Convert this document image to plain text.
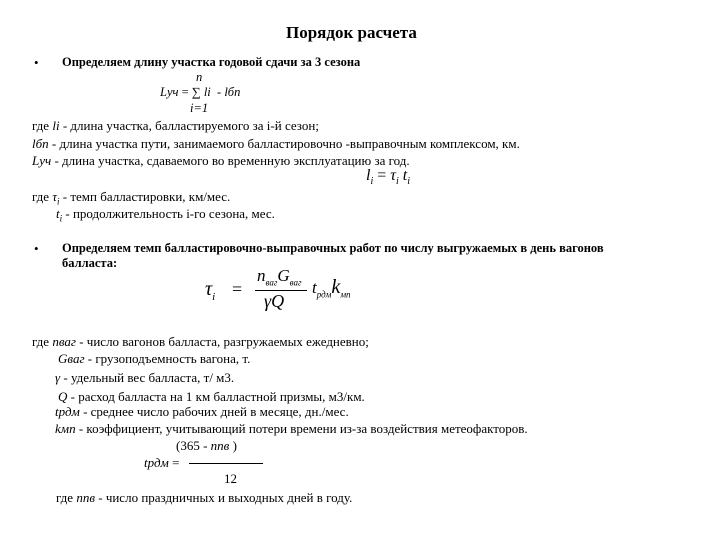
Порядок расчета
• Определяем длину участка годовой сдачи за 3 сезона
n
Lуч = ∑ li - lбп
i=1
где li - длина участка, балластируемого за i-й сезон;
lбп - длина участка пути, занимаемого балластировочно -выправочным комплексом, км.
Lуч - длина участка, сдаваемого во временную эксплуатацию за год.
$l_i = \tau_i$ $t_i$
где $\tau_i$ - темп балластировки, км/мес.
$t_i$ - продолжительность i-го сезона, мес.
• Определяем темп балластировочно-выправочных работ по числу выгружаемых в день вагонов
балласта:
$\tau_i$ =
$n_{ваг}G_{ваг}$
γQ
$t_{рдм}k_{мп}$
где nваг - число вагонов балласта, разгружаемых ежедневно;
Gваг - грузоподъемность вагона, т.
γ - удельный вес балласта, т/ м3.
Q - расход балласта на 1 км балластной призмы, м3/км.
tрдм - среднее число рабочих дней в месяце, дн./мес.
kмп - коэффициент, учитывающий потери времени из-за воздействия метеофакторов.
(365 - nпв )
tрдм =
12
где nпв - число праздничных и выходных дней в году.
